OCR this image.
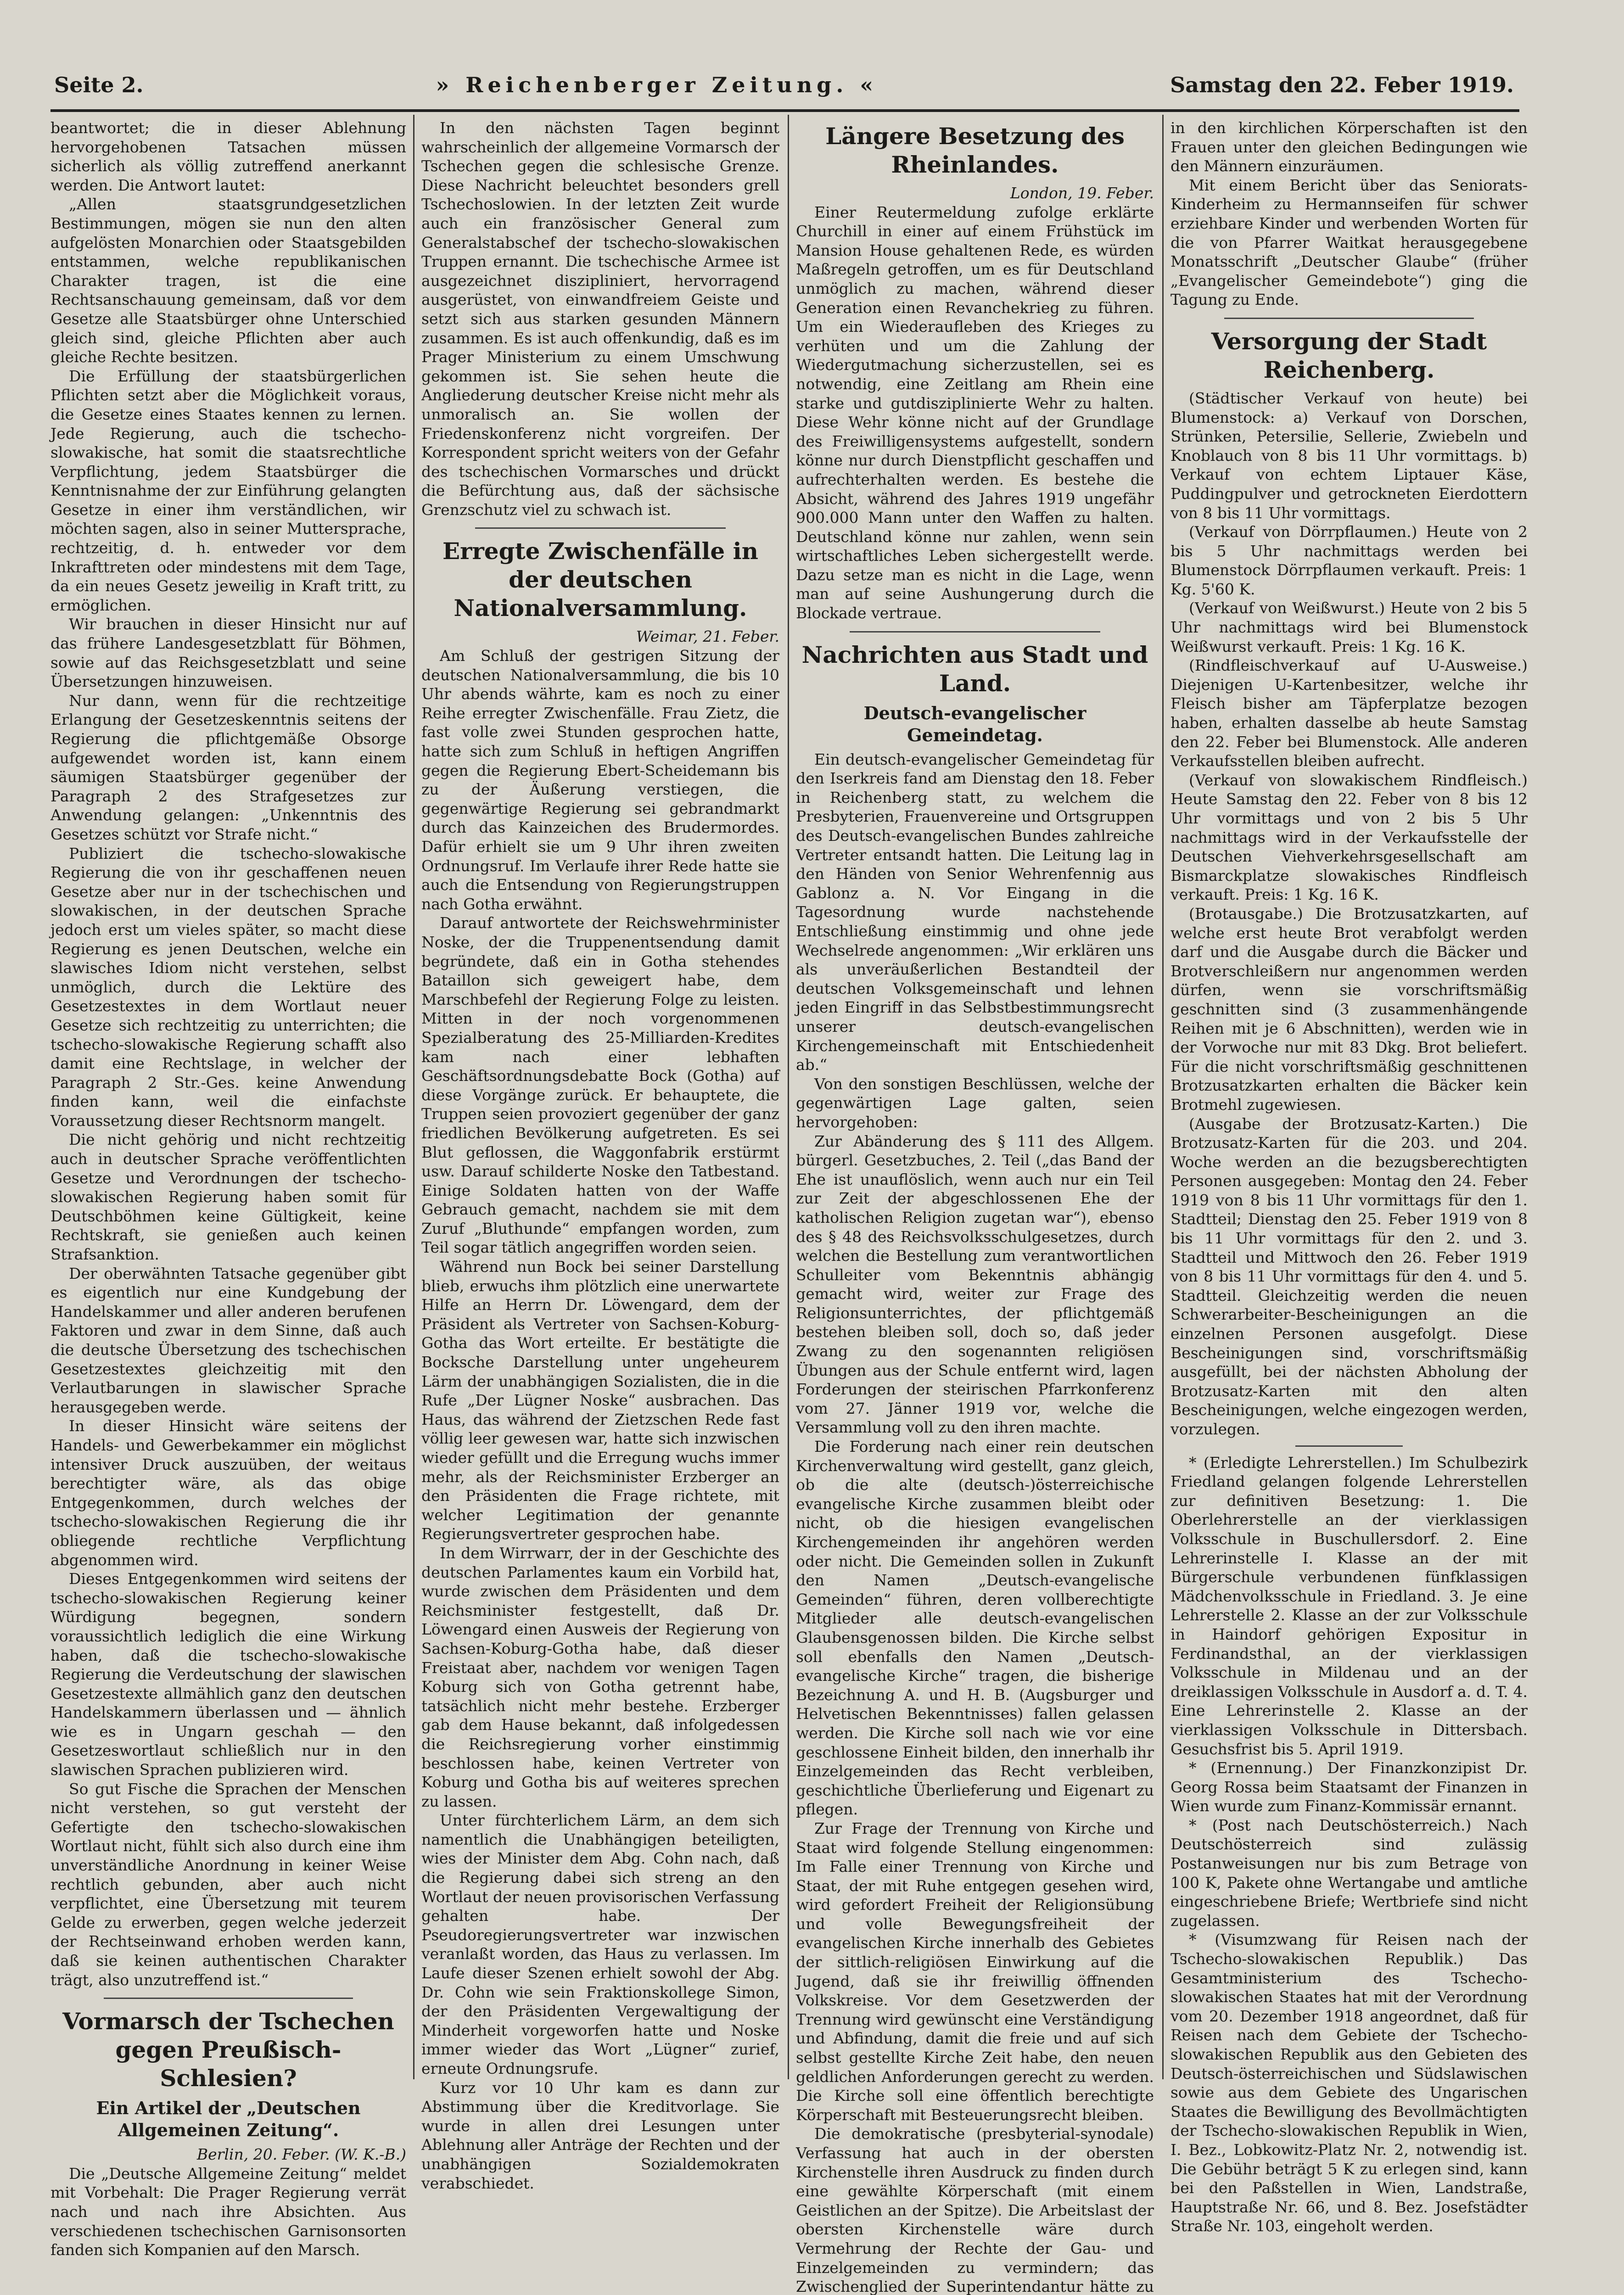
Seite 2.	» Reichenberger Zeitung. «	Samstag den 22. Feber 1919.

beantwortet; die in dieser Ablehnung hervorgehobenen Tatsachen müssen sicherlich als völlig zutreffend anerkannt werden. Die Antwort lautet:

„Allen staatsgrundgesetzlichen Bestimmungen, mögen sie nun den alten aufgelösten Monarchien oder Staatsgebilden entstammen, welche republikanischen Charakter tragen, ist die eine Rechtsanschauung gemeinsam, daß vor dem Gesetze alle Staatsbürger ohne Unterschied gleich sind, gleiche Pflichten aber auch gleiche Rechte besitzen.

Die Erfüllung der staatsbürgerlichen Pflichten setzt aber die Möglichkeit voraus, die Gesetze eines Staates kennen zu lernen. Jede Regierung, auch die tschecho-slowakische, hat somit die staatsrechtliche Verpflichtung, jedem Staatsbürger die Kenntnisnahme der zur Einführung gelangten Gesetze in einer ihm verständlichen, wir möchten sagen, also in seiner Muttersprache, rechtzeitig, d. h. entweder vor dem Inkrafttreten oder mindestens mit dem Tage, da ein neues Gesetz jeweilig in Kraft tritt, zu ermöglichen.

Wir brauchen in dieser Hinsicht nur auf das frühere Landesgesetzblatt für Böhmen, sowie auf das Reichsgesetzblatt und seine Übersetzungen hinzuweisen.

Nur dann, wenn für die rechtzeitige Erlangung der Gesetzeskenntnis seitens der Regierung die pflichtgemäße Obsorge aufgewendet worden ist, kann einem säumigen Staatsbürger gegenüber der Paragraph 2 des Strafgesetzes zur Anwendung gelangen: „Unkenntnis des Gesetzes schützt vor Strafe nicht.“

Publiziert die tschecho-slowakische Regierung die von ihr geschaffenen neuen Gesetze aber nur in der tschechischen und slowakischen, in der deutschen Sprache jedoch erst um vieles später, so macht diese Regierung es jenen Deutschen, welche ein slawisches Idiom nicht verstehen, selbst unmöglich, durch die Lektüre des Gesetzestextes in dem Wortlaut neuer Gesetze sich rechtzeitig zu unterrichten; die tschecho-slowakische Regierung schafft also damit eine Rechtslage, in welcher der Paragraph 2 Str.-Ges. keine Anwendung finden kann, weil die einfachste Voraussetzung dieser Rechtsnorm mangelt.

Die nicht gehörig und nicht rechtzeitig auch in deutscher Sprache veröffentlichten Gesetze und Verordnungen der tschecho-slowakischen Regierung haben somit für Deutschböhmen keine Gültigkeit, keine Rechtskraft, sie genießen auch keinen Strafsanktion.

Der oberwähnten Tatsache gegenüber gibt es eigentlich nur eine Kundgebung der Handelskammer und aller anderen berufenen Faktoren und zwar in dem Sinne, daß auch die deutsche Übersetzung des tschechischen Gesetzestextes gleichzeitig mit den Verlautbarungen in slawischer Sprache herausgegeben werde.

In dieser Hinsicht wäre seitens der Handels- und Gewerbekammer ein möglichst intensiver Druck auszuüben, der weitaus berechtigter wäre, als das obige Entgegenkommen, durch welches der tschecho-slowakischen Regierung die ihr obliegende rechtliche Verpflichtung abgenommen wird.

Dieses Entgegenkommen wird seitens der tschecho-slowakischen Regierung keiner Würdigung begegnen, sondern voraussichtlich lediglich die eine Wirkung haben, daß die tschecho-slowakische Regierung die Verdeutschung der slawischen Gesetzestexte allmählich ganz den deutschen Handelskammern überlassen und — ähnlich wie es in Ungarn geschah — den Gesetzeswortlaut schließlich nur in den slawischen Sprachen publizieren wird.

So gut Fische die Sprachen der Menschen nicht verstehen, so gut versteht der Gefertigte den tschecho-slowakischen Wortlaut nicht, fühlt sich also durch eine ihm unverständliche Anordnung in keiner Weise rechtlich gebunden, aber auch nicht verpflichtet, eine Übersetzung mit teurem Gelde zu erwerben, gegen welche jederzeit der Rechtseinwand erhoben werden kann, daß sie keinen authentischen Charakter trägt, also unzutreffend ist.“

Vormarsch der Tschechen gegen Preußisch-Schlesien?
Ein Artikel der „Deutschen Allgemeinen Zeitung“.

Berlin, 20. Feber. (W. K.-B.)

Die „Deutsche Allgemeine Zeitung“ meldet mit Vorbehalt: Die Prager Regierung verrät nach und nach ihre Absichten. Aus verschiedenen tschechischen Garnisonsorten fanden sich Kompanien auf den Marsch.

In den nächsten Tagen beginnt wahrscheinlich der allgemeine Vormarsch der Tschechen gegen die schlesische Grenze. Diese Nachricht beleuchtet besonders grell Tschechoslowien. In der letzten Zeit wurde auch ein französischer General zum Generalstabschef der tschecho-slowakischen Truppen ernannt. Die tschechische Armee ist ausgezeichnet diszipliniert, hervorragend ausgerüstet, von einwandfreiem Geiste und setzt sich aus starken gesunden Männern zusammen. Es ist auch offenkundig, daß es im Prager Ministerium zu einem Umschwung gekommen ist. Sie sehen heute die Angliederung deutscher Kreise nicht mehr als unmoralisch an. Sie wollen der Friedenskonferenz nicht vorgreifen. Der Korrespondent spricht weiters von der Gefahr des tschechischen Vormarsches und drückt die Befürchtung aus, daß der sächsische Grenzschutz viel zu schwach ist.

Erregte Zwischenfälle in der deutschen Nationalversammlung.

Weimar, 21. Feber.

Am Schluß der gestrigen Sitzung der deutschen Nationalversammlung, die bis 10 Uhr abends währte, kam es noch zu einer Reihe erregter Zwischenfälle. Frau Zietz, die fast volle zwei Stunden gesprochen hatte, hatte sich zum Schluß in heftigen Angriffen gegen die Regierung Ebert-Scheidemann bis zu der Äußerung verstiegen, die gegenwärtige Regierung sei gebrandmarkt durch das Kainzeichen des Brudermordes. Dafür erhielt sie um 9 Uhr ihren zweiten Ordnungsruf. Im Verlaufe ihrer Rede hatte sie auch die Entsendung von Regierungstruppen nach Gotha erwähnt.

Darauf antwortete der Reichswehrminister Noske, der die Truppenentsendung damit begründete, daß ein in Gotha stehendes Bataillon sich geweigert habe, dem Marschbefehl der Regierung Folge zu leisten. Mitten in der noch vorgenommenen Spezialberatung des 25-Milliarden-Kredites kam nach einer lebhaften Geschäftsordnungsdebatte Bock (Gotha) auf diese Vorgänge zurück. Er behauptete, die Truppen seien provoziert gegenüber der ganz friedlichen Bevölkerung aufgetreten. Es sei Blut geflossen, die Waggonfabrik erstürmt usw. Darauf schilderte Noske den Tatbestand. Einige Soldaten hatten von der Waffe Gebrauch gemacht, nachdem sie mit dem Zuruf „Bluthunde“ empfangen worden, zum Teil sogar tätlich angegriffen worden seien.

Während nun Bock bei seiner Darstellung blieb, erwuchs ihm plötzlich eine unerwartete Hilfe an Herrn Dr. Löwengard, dem der Präsident als Vertreter von Sachsen-Koburg-Gotha das Wort erteilte. Er bestätigte die Bocksche Darstellung unter ungeheurem Lärm der unabhängigen Sozialisten, die in die Rufe „Der Lügner Noske“ ausbrachen. Das Haus, das während der Zietzschen Rede fast völlig leer gewesen war, hatte sich inzwischen wieder gefüllt und die Erregung wuchs immer mehr, als der Reichsminister Erzberger an den Präsidenten die Frage richtete, mit welcher Legitimation der genannte Regierungsvertreter gesprochen habe.

In dem Wirrwarr, der in der Geschichte des deutschen Parlamentes kaum ein Vorbild hat, wurde zwischen dem Präsidenten und dem Reichsminister festgestellt, daß Dr. Löwengard einen Ausweis der Regierung von Sachsen-Koburg-Gotha habe, daß dieser Freistaat aber, nachdem vor wenigen Tagen Koburg sich von Gotha getrennt habe, tatsächlich nicht mehr bestehe. Erzberger gab dem Hause bekannt, daß infolgedessen die Reichsregierung vorher einstimmig beschlossen habe, keinen Vertreter von Koburg und Gotha bis auf weiteres sprechen zu lassen.

Unter fürchterlichem Lärm, an dem sich namentlich die Unabhängigen beteiligten, wies der Minister dem Abg. Cohn nach, daß die Regierung dabei sich streng an den Wortlaut der neuen provisorischen Verfassung gehalten habe. Der Pseudoregierungsvertreter war inzwischen veranlaßt worden, das Haus zu verlassen. Im Laufe dieser Szenen erhielt sowohl der Abg. Dr. Cohn wie sein Fraktionskollege Simon, der den Präsidenten Vergewaltigung der Minderheit vorgeworfen hatte und Noske immer wieder das Wort „Lügner“ zurief, erneute Ordnungsrufe.

Kurz vor 10 Uhr kam es dann zur Abstimmung über die Kreditvorlage. Sie wurde in allen drei Lesungen unter Ablehnung aller Anträge der Rechten und der unabhängigen Sozialdemokraten verabschiedet.

Längere Besetzung des Rheinlandes.

London, 19. Feber.

Einer Reutermeldung zufolge erklärte Churchill in einer auf einem Frühstück im Mansion House gehaltenen Rede, es würden Maßregeln getroffen, um es für Deutschland unmöglich zu machen, während dieser Generation einen Revanchekrieg zu führen. Um ein Wiederaufleben des Krieges zu verhüten und um die Zahlung der Wiedergutmachung sicherzustellen, sei es notwendig, eine Zeitlang am Rhein eine starke und gutdisziplinierte Wehr zu halten. Diese Wehr könne nicht auf der Grundlage des Freiwilligensystems aufgestellt, sondern könne nur durch Dienstpflicht geschaffen und aufrechterhalten werden. Es bestehe die Absicht, während des Jahres 1919 ungefähr 900.000 Mann unter den Waffen zu halten. Deutschland könne nur zahlen, wenn sein wirtschaftliches Leben sichergestellt werde. Dazu setze man es nicht in die Lage, wenn man auf seine Aushungerung durch die Blockade vertraue.

Nachrichten aus Stadt und Land.
Deutsch-evangelischer Gemeindetag.

Ein deutsch-evangelischer Gemeindetag für den Iserkreis fand am Dienstag den 18. Feber in Reichenberg statt, zu welchem die Presbyterien, Frauenvereine und Ortsgruppen des Deutsch-evangelischen Bundes zahlreiche Vertreter entsandt hatten. Die Leitung lag in den Händen von Senior Wehrenfennig aus Gablonz a. N. Vor Eingang in die Tagesordnung wurde nachstehende Entschließung einstimmig und ohne jede Wechselrede angenommen: „Wir erklären uns als unveräußerlichen Bestandteil der deutschen Volksgemeinschaft und lehnen jeden Eingriff in das Selbstbestimmungsrecht unserer deutsch-evangelischen Kirchengemeinschaft mit Entschiedenheit ab.“

Von den sonstigen Beschlüssen, welche der gegenwärtigen Lage galten, seien hervorgehoben:

Zur Abänderung des § 111 des Allgem. bürgerl. Gesetzbuches, 2. Teil („das Band der Ehe ist unauflöslich, wenn auch nur ein Teil zur Zeit der abgeschlossenen Ehe der katholischen Religion zugetan war“), ebenso des § 48 des Reichsvolksschulgesetzes, durch welchen die Bestellung zum verantwortlichen Schulleiter vom Bekenntnis abhängig gemacht wird, weiter zur Frage des Religionsunterrichtes, der pflichtgemäß bestehen bleiben soll, doch so, daß jeder Zwang zu den sogenannten religiösen Übungen aus der Schule entfernt wird, lagen Forderungen der steirischen Pfarrkonferenz vom 27. Jänner 1919 vor, welche die Versammlung voll zu den ihren machte.

Die Forderung nach einer rein deutschen Kirchenverwaltung wird gestellt, ganz gleich, ob die alte (deutsch-)österreichische evangelische Kirche zusammen bleibt oder nicht, ob die hiesigen evangelischen Kirchengemeinden ihr angehören werden oder nicht. Die Gemeinden sollen in Zukunft den Namen „Deutsch-evangelische Gemeinden“ führen, deren vollberechtigte Mitglieder alle deutsch-evangelischen Glaubensgenossen bilden. Die Kirche selbst soll ebenfalls den Namen „Deutsch-evangelische Kirche“ tragen, die bisherige Bezeichnung A. und H. B. (Augsburger und Helvetischen Bekenntnisses) fallen gelassen werden. Die Kirche soll nach wie vor eine geschlossene Einheit bilden, den innerhalb ihr Einzelgemeinden das Recht verbleiben, geschichtliche Überlieferung und Eigenart zu pflegen.

Zur Frage der Trennung von Kirche und Staat wird folgende Stellung eingenommen: Im Falle einer Trennung von Kirche und Staat, der mit Ruhe entgegen gesehen wird, wird gefordert Freiheit der Religionsübung und volle Bewegungsfreiheit der evangelischen Kirche innerhalb des Gebietes der sittlich-religiösen Einwirkung auf die Jugend, daß sie ihr freiwillig öffnenden Volkskreise. Vor dem Gesetzwerden der Trennung wird gewünscht eine Verständigung und Abfindung, damit die freie und auf sich selbst gestellte Kirche Zeit habe, den neuen geldlichen Anforderungen gerecht zu werden. Die Kirche soll eine öffentlich berechtigte Körperschaft mit Besteuerungsrecht bleiben.

Die demokratische (presbyterial-synodale) Verfassung hat auch in der obersten Kirchenstelle ihren Ausdruck zu finden durch eine gewählte Körperschaft (mit einem Geistlichen an der Spitze). Die Arbeitslast der obersten Kirchenstelle wäre durch Vermehrung der Rechte der Gau- und Einzelgemeinden zu vermindern; das Zwischenglied der Superintendantur hätte zu

in den kirchlichen Körperschaften ist den Frauen unter den gleichen Bedingungen wie den Männern einzuräumen.

Mit einem Bericht über das Seniorats-Kinderheim zu Hermannseifen für schwer erziehbare Kinder und werbenden Worten für die von Pfarrer Waitkat herausgegebene Monatsschrift „Deutscher Glaube“ (früher „Evangelischer Gemeindebote“) ging die Tagung zu Ende.

Versorgung der Stadt Reichenberg.

(Städtischer Verkauf von heute) bei Blumenstock: a) Verkauf von Dorschen, Strünken, Petersilie, Sellerie, Zwiebeln und Knoblauch von 8 bis 11 Uhr vormittags. b) Verkauf von echtem Liptauer Käse, Puddingpulver und getrockneten Eierdottern von 8 bis 11 Uhr vormittags.

(Verkauf von Dörrpflaumen.) Heute von 2 bis 5 Uhr nachmittags werden bei Blumenstock Dörrpflaumen verkauft. Preis: 1 Kg. 5'60 K.

(Verkauf von Weißwurst.) Heute von 2 bis 5 Uhr nachmittags wird bei Blumenstock Weißwurst verkauft. Preis: 1 Kg. 16 K.

(Rindfleischverkauf auf U-Ausweise.) Diejenigen U-Kartenbesitzer, welche ihr Fleisch bisher am Täpferplatze bezogen haben, erhalten dasselbe ab heute Samstag den 22. Feber bei Blumenstock. Alle anderen Verkaufsstellen bleiben aufrecht.

(Verkauf von slowakischem Rindfleisch.) Heute Samstag den 22. Feber von 8 bis 12 Uhr vormittags und von 2 bis 5 Uhr nachmittags wird in der Verkaufsstelle der Deutschen Viehverkehrsgesellschaft am Bismarckplatze slowakisches Rindfleisch verkauft. Preis: 1 Kg. 16 K.

(Brotausgabe.) Die Brotzusatzkarten, auf welche erst heute Brot verabfolgt werden darf und die Ausgabe durch die Bäcker und Brotverschleißern nur angenommen werden dürfen, wenn sie vorschriftsmäßig geschnitten sind (3 zusammenhängende Reihen mit je 6 Abschnitten), werden wie in der Vorwoche nur mit 83 Dkg. Brot beliefert. Für die nicht vorschriftsmäßig geschnittenen Brotzusatzkarten erhalten die Bäcker kein Brotmehl zugewiesen.

(Ausgabe der Brotzusatz-Karten.) Die Brotzusatz-Karten für die 203. und 204. Woche werden an die bezugsberechtigten Personen ausgegeben: Montag den 24. Feber 1919 von 8 bis 11 Uhr vormittags für den 1. Stadtteil; Dienstag den 25. Feber 1919 von 8 bis 11 Uhr vormittags für den 2. und 3. Stadtteil und Mittwoch den 26. Feber 1919 von 8 bis 11 Uhr vormittags für den 4. und 5. Stadtteil. Gleichzeitig werden die neuen Schwerarbeiter-Bescheinigungen an die einzelnen Personen ausgefolgt. Diese Bescheinigungen sind, vorschriftsmäßig ausgefüllt, bei der nächsten Abholung der Brotzusatz-Karten mit den alten Bescheinigungen, welche eingezogen werden, vorzulegen.

* (Erledigte Lehrerstellen.) Im Schulbezirk Friedland gelangen folgende Lehrerstellen zur definitiven Besetzung: 1. Die Oberlehrerstelle an der vierklassigen Volksschule in Buschullersdorf. 2. Eine Lehrerinstelle I. Klasse an der mit Bürgerschule verbundenen fünfklassigen Mädchenvolksschule in Friedland. 3. Je eine Lehrerstelle 2. Klasse an der zur Volksschule in Haindorf gehörigen Expositur in Ferdinandsthal, an der vierklassigen Volksschule in Mildenau und an der dreiklassigen Volksschule in Ausdorf a. d. T. 4. Eine Lehrerinstelle 2. Klasse an der vierklassigen Volksschule in Dittersbach. Gesuchsfrist bis 5. April 1919.

* (Ernennung.) Der Finanzkonzipist Dr. Georg Rossa beim Staatsamt der Finanzen in Wien wurde zum Finanz-Kommissär ernannt.

* (Post nach Deutschösterreich.) Nach Deutschösterreich sind zulässig Postanweisungen nur bis zum Betrage von 100 K, Pakete ohne Wertangabe und amtliche eingeschriebene Briefe; Wertbriefe sind nicht zugelassen.

* (Visumzwang für Reisen nach der Tschecho-slowakischen Republik.) Das Gesamtministerium des Tschecho-slowakischen Staates hat mit der Verordnung vom 20. Dezember 1918 angeordnet, daß für Reisen nach dem Gebiete der Tschecho-slowakischen Republik aus den Gebieten des Deutsch-österreichischen und Südslawischen sowie aus dem Gebiete des Ungarischen Staates die Bewilligung des Bevollmächtigten der Tschecho-slowakischen Republik in Wien, I. Bez., Lobkowitz-Platz Nr. 2, notwendig ist. Die Gebühr beträgt 5 K zu erlegen sind, kann bei den Paßstellen in Wien, Landstraße, Hauptstraße Nr. 66, und 8. Bez. Josefstädter Straße Nr. 103, eingeholt werden.
